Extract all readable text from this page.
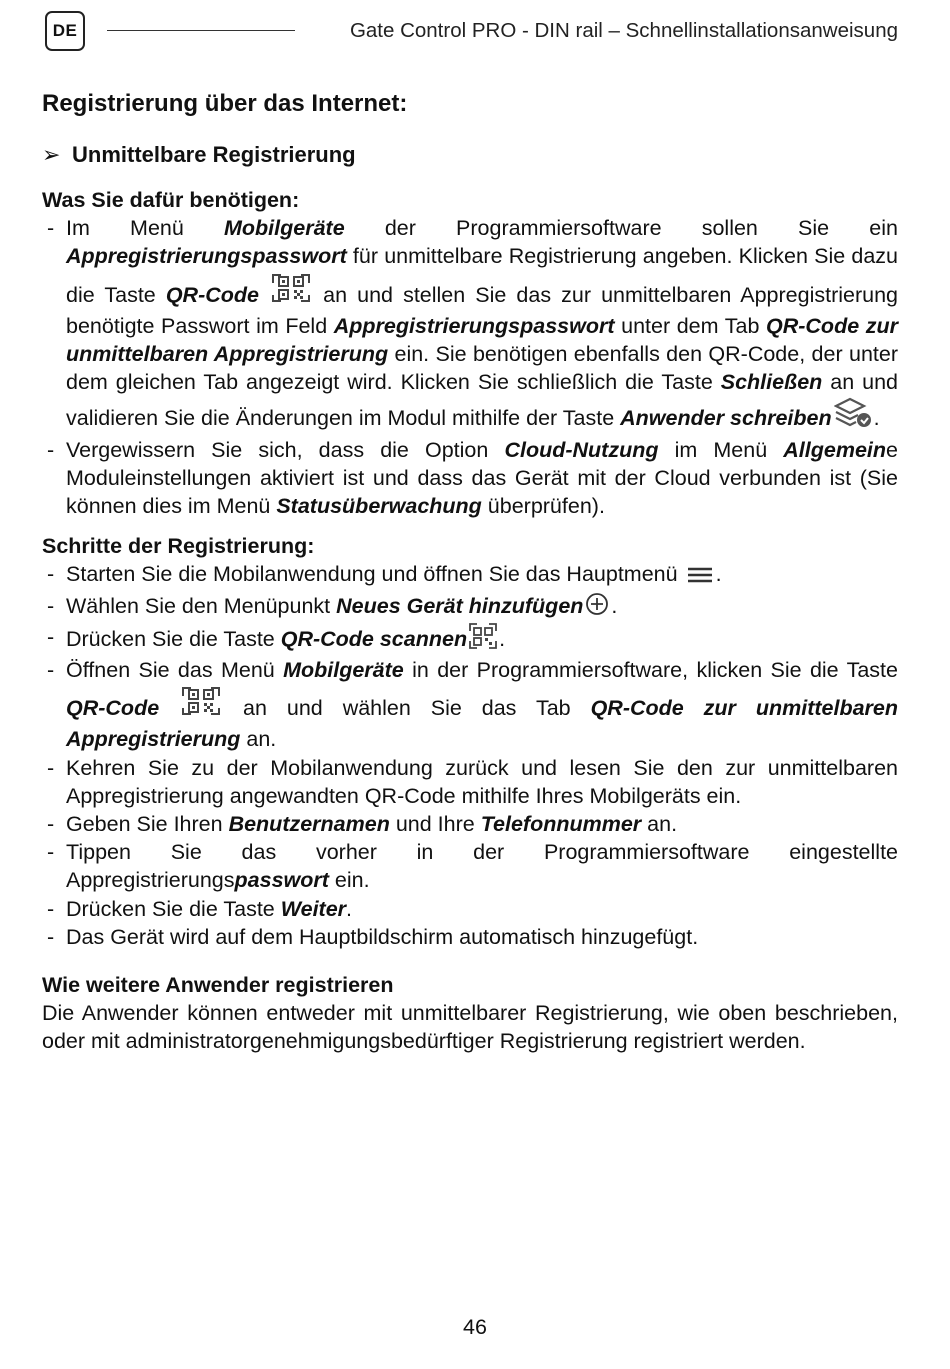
DE	Gate Control PRO - DIN rail – Schnellinstallationsanweisung
Registrierung über das Internet:
➢ Unmittelbare Registrierung
Was Sie dafür benötigen:
- Im Menü Mobilgeräte der Programmiersoftware sollen Sie ein Appregistrierungspasswort für unmittelbare Registrierung angeben. Klicken Sie dazu die Taste QR-Code	an und stellen Sie das zur unmittelbaren Appregistrierung benötigte Passwort im Feld Appregistrierungspasswort unter dem Tab QR-Code zur unmittelbaren Appregistrierung ein. Sie benötigen ebenfalls den QR-Code, der unter dem gleichen Tab angezeigt wird. Klicken Sie schließlich die Taste Schließen an und validieren Sie die Änderungen im Modul mithilfe der Taste Anwender schreiben .
- Vergewissern Sie sich, dass die Option Cloud-Nutzung im Menü Allgemeine Moduleinstellungen aktiviert ist und dass das Gerät mit der Cloud verbunden ist (Sie können dies im Menü Statusüberwachung überprüfen).
Schritte der Registrierung:
- Starten Sie die Mobilanwendung und öffnen Sie das Hauptmenü .
- Wählen Sie den Menüpunkt Neues Gerät hinzufügen .
- Drücken Sie die Taste QR-Code scannen .
- Öffnen Sie das Menü Mobilgeräte in der Programmiersoftware, klicken Sie die Taste QR-Code	an und wählen Sie das Tab QR-Code zur unmittelbaren Appregistrierung an.
- Kehren Sie zu der Mobilanwendung zurück und lesen Sie den zur unmittelbaren Appregistrierung angewandten QR-Code mithilfe Ihres Mobilgeräts ein.
- Geben Sie Ihren Benutzernamen und Ihre Telefonnummer an.
- Tippen Sie das vorher in der Programmiersoftware eingestellte Appregistrierungspasswort ein.
- Drücken Sie die Taste Weiter.
- Das Gerät wird auf dem Hauptbildschirm automatisch hinzugefügt.
Wie weitere Anwender registrieren

Die Anwender können entweder mit unmittelbarer Registrierung, wie oben beschrieben, oder mit administratorgenehmigungsbedürftiger Registrierung registriert werden.

46
